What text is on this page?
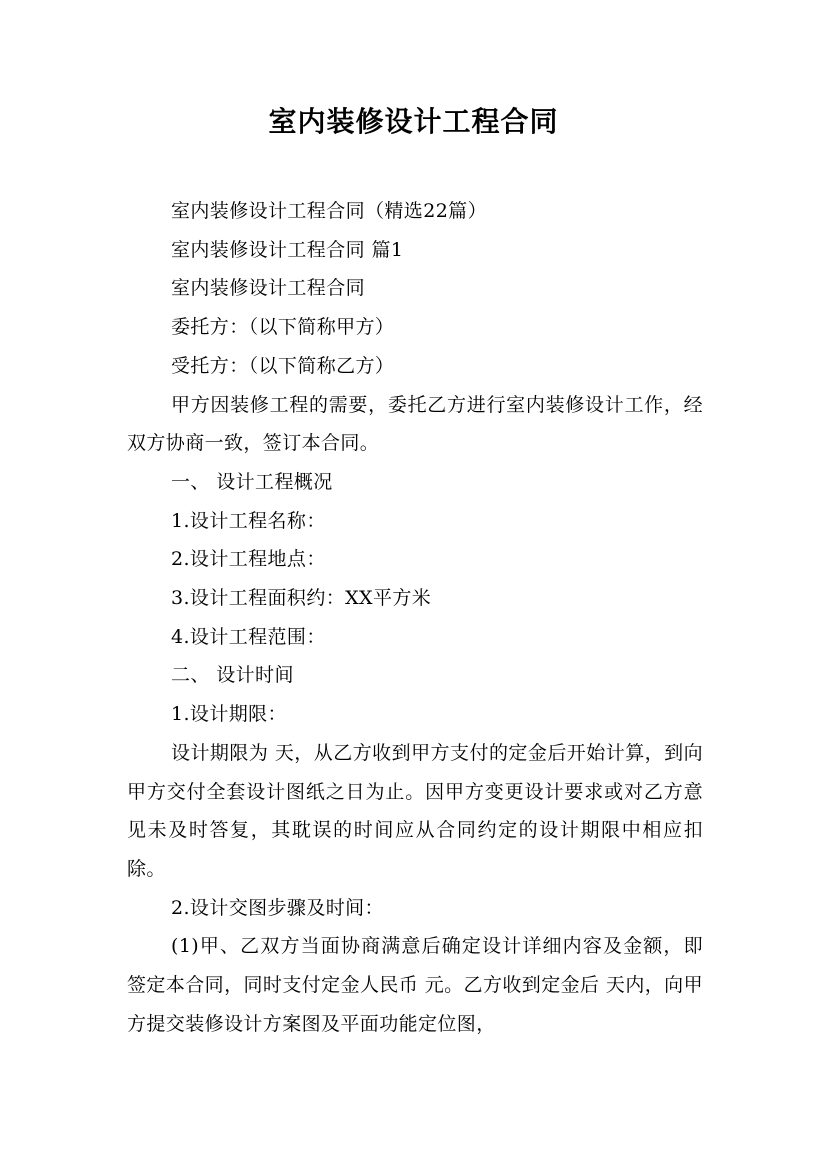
室内装修设计工程合同

室内装修设计工程合同（精选22篇）

室内装修设计工程合同 篇1

室内装修设计工程合同

委托方：（以下简称甲方）

受托方：（以下简称乙方）

甲方因装修工程的需要，委托乙方进行室内装修设计工作，经双方协商一致，签订本合同。

一、 设计工程概况

1.设计工程名称：

2.设计工程地点：

3.设计工程面积约：XX平方米

4.设计工程范围：

二、 设计时间

1.设计期限：

设计期限为 天，从乙方收到甲方支付的定金后开始计算，到向甲方交付全套设计图纸之日为止。因甲方变更设计要求或对乙方意见未及时答复，其耽误的时间应从合同约定的设计期限中相应扣除。

2.设计交图步骤及时间：

(1)甲、乙双方当面协商满意后确定设计详细内容及金额，即签定本合同，同时支付定金人民币 元。乙方收到定金后 天内，向甲方提交装修设计方案图及平面功能定位图，
